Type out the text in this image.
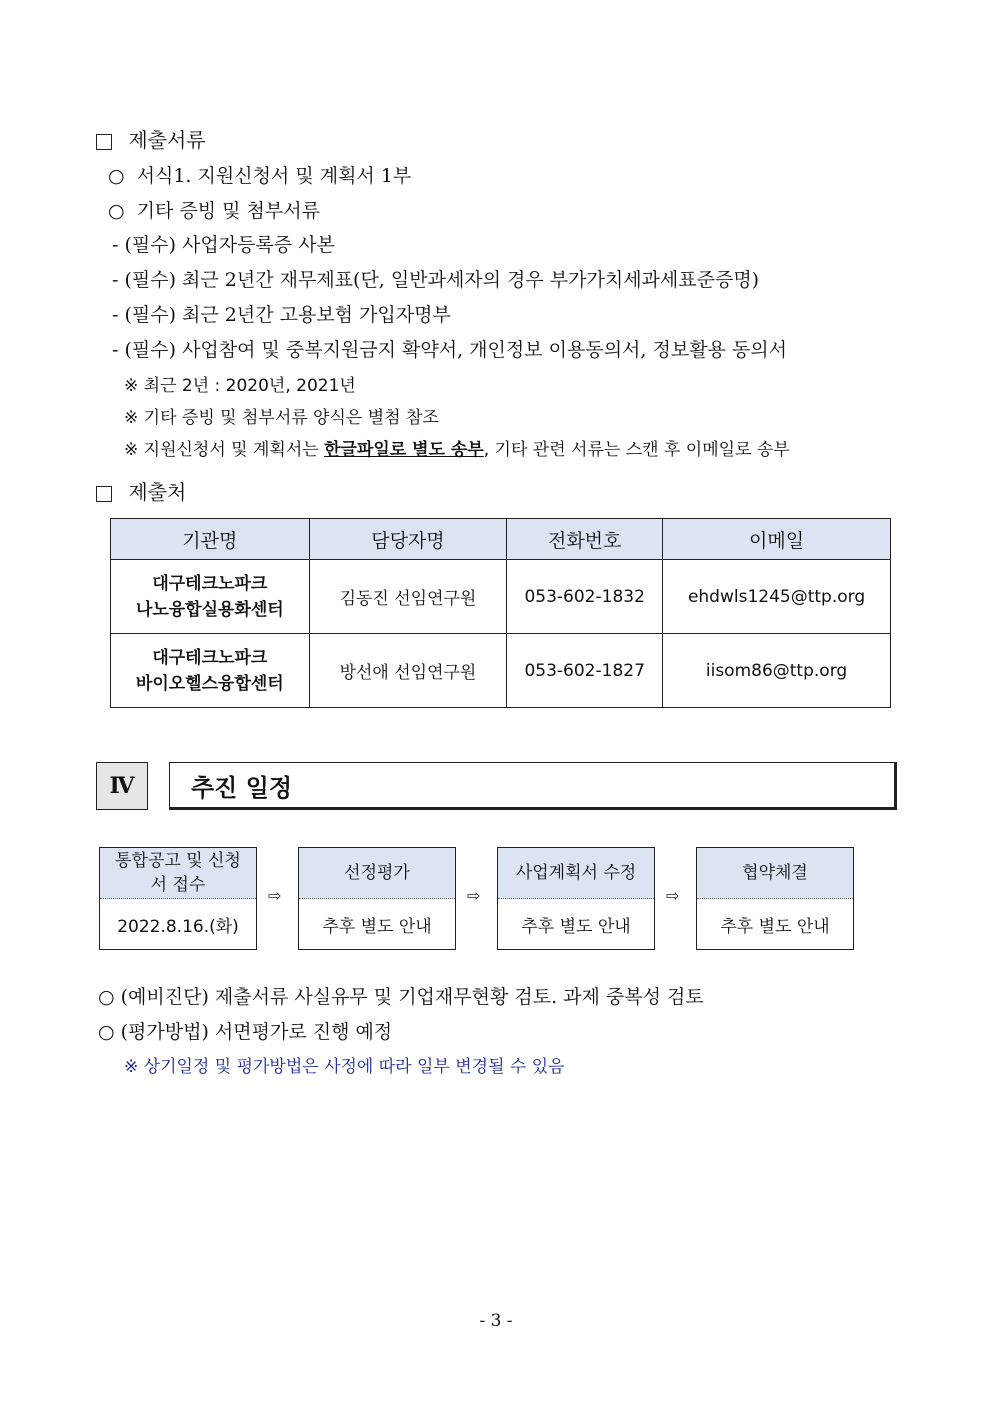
제출서류
○ 서식1. 지원신청서 및 계획서 1부
○ 기타 증빙 및 첨부서류
- (필수) 사업자등록증 사본
- (필수) 최근 2년간 재무제표(단, 일반과세자의 경우 부가가치세과세표준증명)
- (필수) 최근 2년간 고용보험 가입자명부
- (필수) 사업참여 및 중복지원금지 확약서, 개인정보 이용동의서, 정보활용 동의서
※ 최근 2년 : 2020년, 2021년
※ 기타 증빙 및 첨부서류 양식은 별첨 참조
※ 지원신청서 및 계획서는 한글파일로 별도 송부, 기타 관련 서류는 스캔 후 이메일로 송부
제출처
기관명	담당자명	전화번호	이메일

대구테크노파크
나노융합실용화센터	김동진 선임연구원	053-602-1832	ehdwls1245@ttp.org

대구테크노파크
바이오헬스융합센터	방선애 선임연구원	053-602-1827	iisom86@ttp.org
Ⅳ	추진 일정
통합공고 및 신청서 접수
2022.8.16.(화)
⇨
선정평가
추후 별도 안내
⇨
사업계획서 수정
추후 별도 안내
⇨
협약체결
추후 별도 안내
○ (예비진단) 제출서류 사실유무 및 기업재무현황 검토. 과제 중복성 검토
○ (평가방법) 서면평가로 진행 예정
※ 상기일정 및 평가방법은 사정에 따라 일부 변경될 수 있음
- 3 -
